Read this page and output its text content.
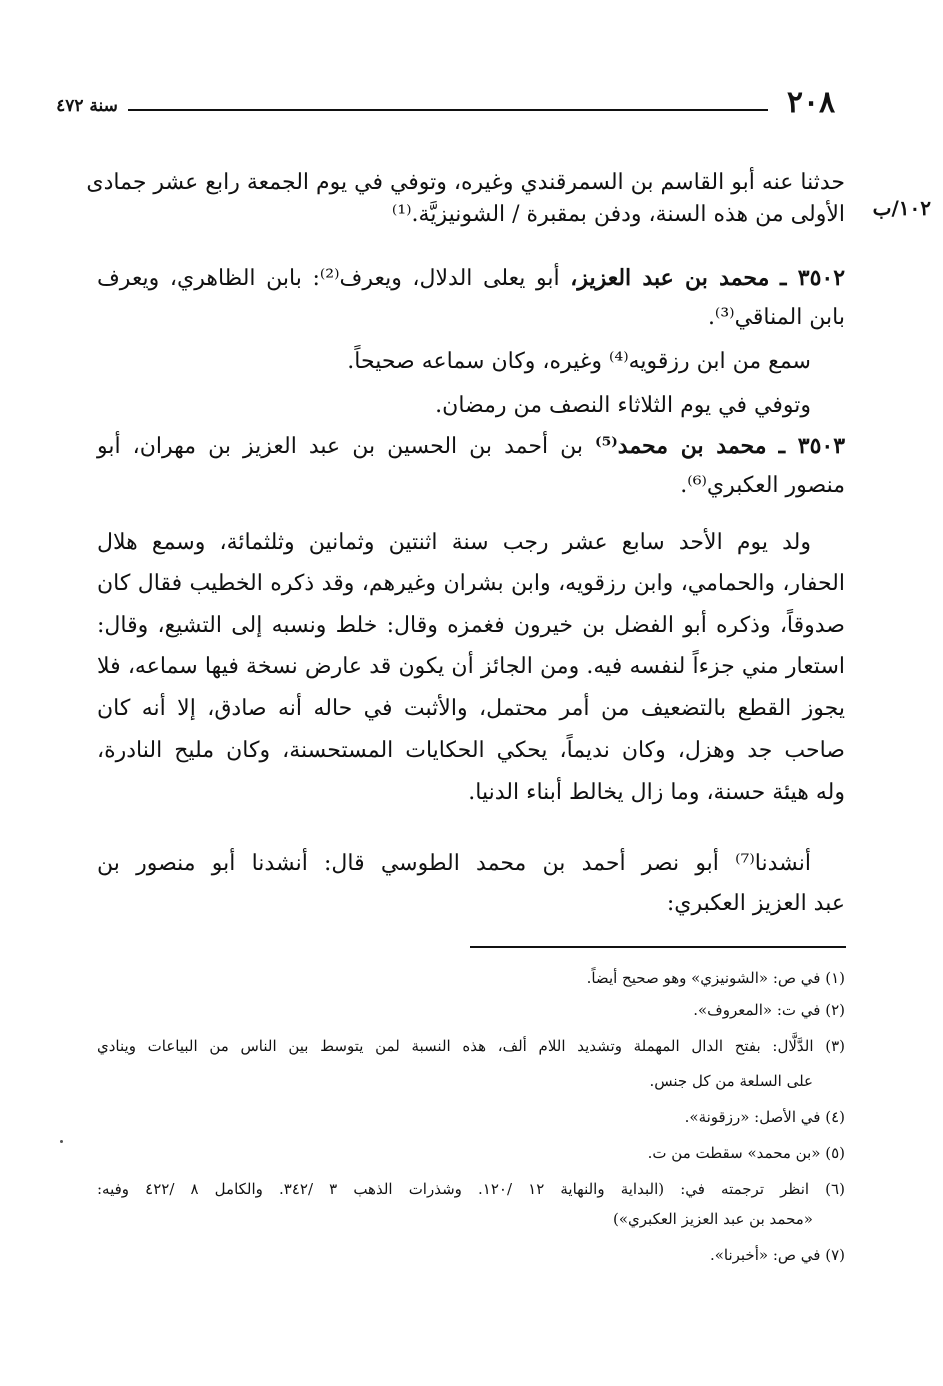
٢٠٨
سنة ٤٧٢
حدثنا عنه أبو القاسم بن السمرقندي وغيره، وتوفي في يوم الجمعة رابع عشر جمادى
١٠٢/ب
الأولى من هذه السنة، ودفن بمقبرة / الشونيزيَّة.⁽¹⁾
٣٥٠٢ ـ محمد بن عبد العزيز، أبو يعلى الدلال، ويعرف⁽²⁾: بابن الظاهري، ويعرف
بابن المناقي⁽³⁾.
سمع من ابن رزقويه⁽⁴⁾ وغيره، وكان سماعه صحيحاً.
وتوفي في يوم الثلاثاء النصف من رمضان.
٣٥٠٣ ـ محمد بن محمد⁽⁵⁾ بن أحمد بن الحسين بن عبد العزيز بن مهران، أبو
منصور العكبري⁽⁶⁾.
ولد يوم الأحد سابع عشر رجب سنة اثنتين وثمانين وثلثمائة، وسمع هلال
الحفار، والحمامي، وابن رزقويه، وابن بشران وغيرهم، وقد ذكره الخطيب فقال كان
صدوقاً، وذكره أبو الفضل بن خيرون فغمزه وقال: خلط ونسبه إلى التشيع، وقال:
استعار مني جزءاً لنفسه فيه. ومن الجائز أن يكون قد عارض نسخة فيها سماعه، فلا
يجوز القطع بالتضعيف من أمر محتمل، والأثبت في حاله أنه صادق، إلا أنه كان
صاحب جد وهزل، وكان نديماً، يحكي الحكايات المستحسنة، وكان مليح النادرة،
وله هيئة حسنة، وما زال يخالط أبناء الدنيا.
أنشدنا⁽⁷⁾ أبو نصر أحمد بن محمد الطوسي قال: أنشدنا أبو منصور بن
عبد العزيز العكبري:
(١) في ص: «الشونيزي» وهو صحيح أيضاً.
(٢) في ت: «المعروف».
(٣) الدَّلَّال: بفتح الدال المهملة وتشديد اللام ألف، هذه النسبة لمن يتوسط بين الناس من البياعات وينادي
على السلعة من كل جنس.
(٤) في الأصل: «رزقونة».
(٥) «بن محمد» سقطت من ت.
(٦) انظر ترجمته في: (البداية والنهاية ١٢ /١٢٠. وشذرات الذهب ٣ /٣٤٢. والكامل ٨ /٤٢٢ وفيه:
«محمد بن عبد العزيز العكبري»)
(٧) في ص: «أخبرنا».
